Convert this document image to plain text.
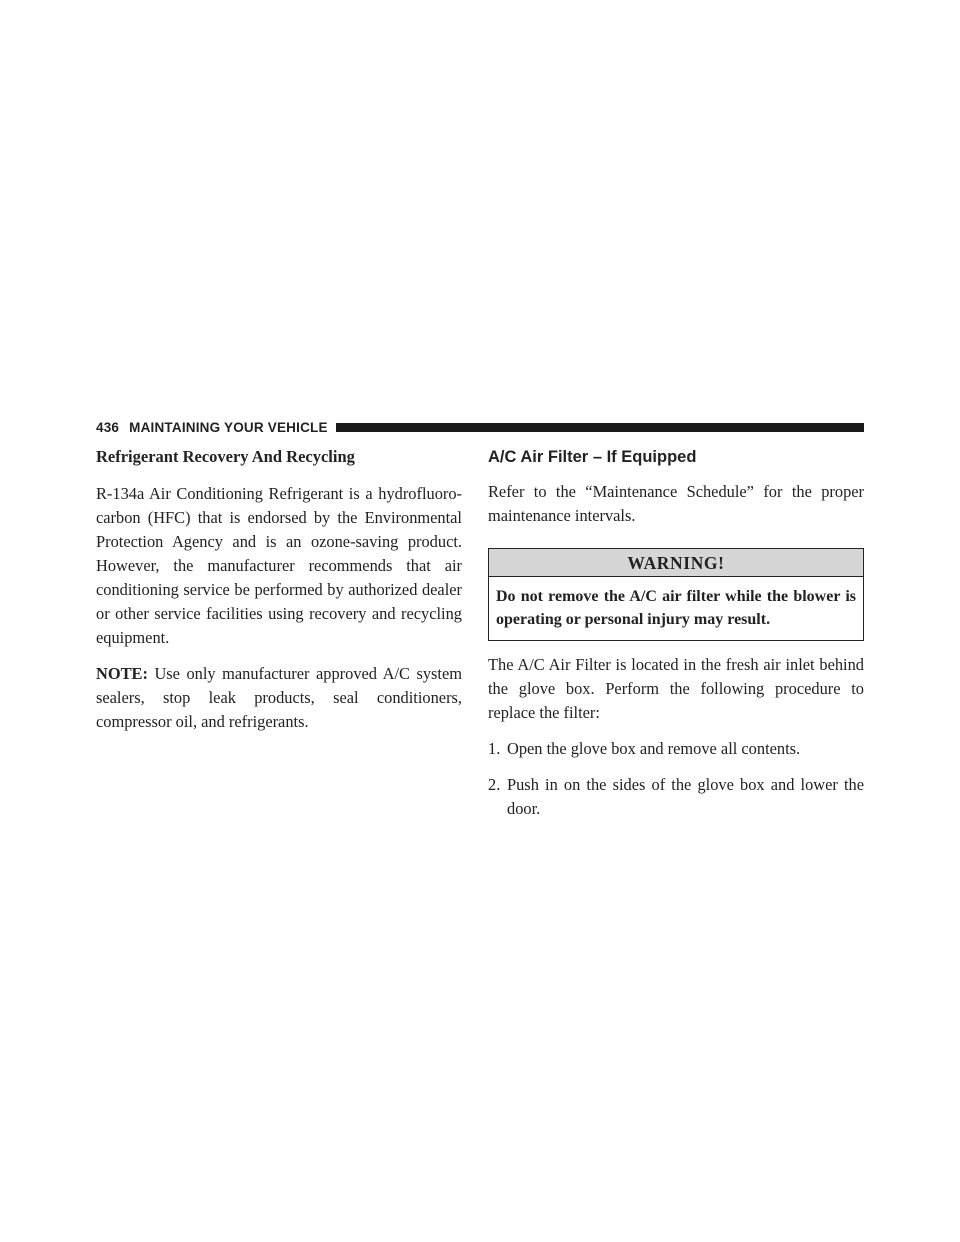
436 MAINTAINING YOUR VEHICLE
Refrigerant Recovery And Recycling

R-134a Air Conditioning Refrigerant is a hydrofluoro-carbon (HFC) that is endorsed by the Environmental Protection Agency and is an ozone-saving product. However, the manufacturer recommends that air conditioning service be performed by authorized dealer or other service facilities using recovery and recycling equipment.

NOTE: Use only manufacturer approved A/C system sealers, stop leak products, seal conditioners, compressor oil, and refrigerants.

A/C Air Filter – If Equipped

Refer to the “Maintenance Schedule” for the proper maintenance intervals.

WARNING!
Do not remove the A/C air filter while the blower is operating or personal injury may result.

The A/C Air Filter is located in the fresh air inlet behind the glove box. Perform the following procedure to replace the filter:

1. Open the glove box and remove all contents.
2. Push in on the sides of the glove box and lower the door.
